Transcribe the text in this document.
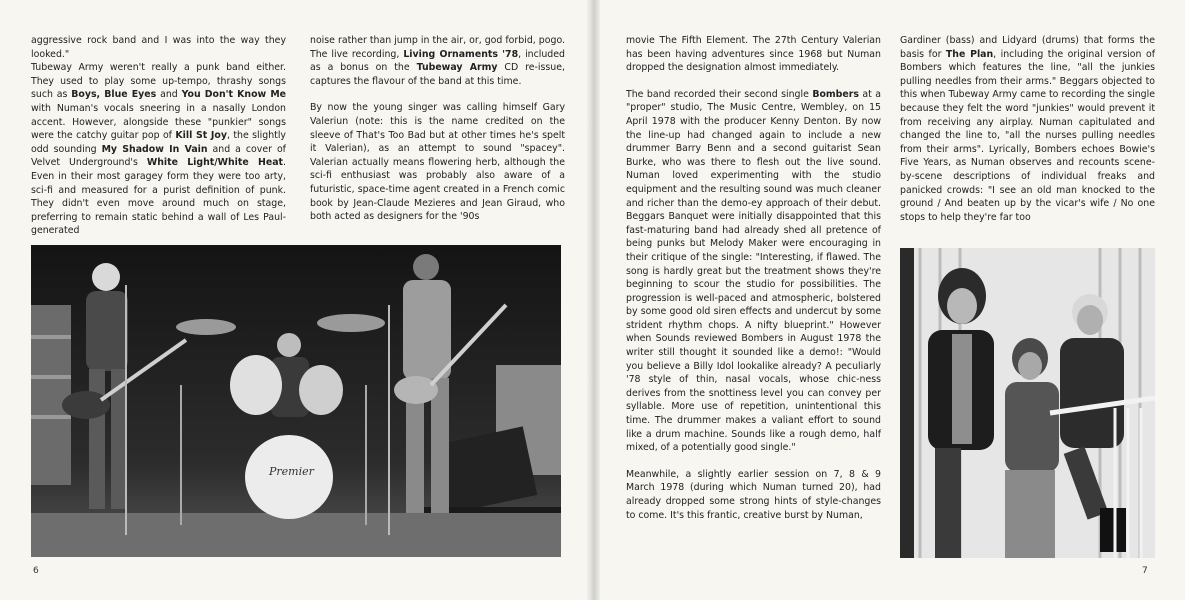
aggressive rock band and I was into the way they looked."

Tubeway Army weren't really a punk band either. They used to play some up-tempo, thrashy songs such as Boys, Blue Eyes and You Don't Know Me with Numan's vocals sneering in a nasally London accent. However, alongside these "punkier" songs were the catchy guitar pop of Kill St Joy, the slightly odd sounding My Shadow In Vain and a cover of Velvet Underground's White Light/White Heat. Even in their most garagey form they were too arty, sci-fi and measured for a purist definition of punk. They didn't even move around much on stage, preferring to remain static behind a wall of Les Paul-generated

noise rather than jump in the air, or, god forbid, pogo. The live recording, Living Ornaments '78, included as a bonus on the Tubeway Army CD re-issue, captures the flavour of the band at this time.

By now the young singer was calling himself Gary Valeriun (note: this is the name credited on the sleeve of That's Too Bad but at other times he's spelt it Valerian), as an attempt to sound "spacey". Valerian actually means flowering herb, although the sci-fi enthusiast was probably also aware of a futuristic, space-time agent created in a French comic book by Jean-Claude Mezieres and Jean Giraud, who both acted as designers for the '90s

Premier
6

movie The Fifth Element. The 27th Century Valerian has been having adventures since 1968 but Numan dropped the designation almost immediately.

The band recorded their second single Bombers at a "proper" studio, The Music Centre, Wembley, on 15 April 1978 with the producer Kenny Denton. By now the line-up had changed again to include a new drummer Barry Benn and a second guitarist Sean Burke, who was there to flesh out the live sound. Numan loved experimenting with the studio equipment and the resulting sound was much cleaner and richer than the demo-ey approach of their debut. Beggars Banquet were initially disappointed that this fast-maturing band had already shed all pretence of being punks but Melody Maker were encouraging in their critique of the single: "Interesting, if flawed. The song is hardly great but the treatment shows they're beginning to scour the studio for possibilities. The progression is well-paced and atmospheric, bolstered by some good old siren effects and undercut by some strident rhythm chops. A nifty blueprint." However when Sounds reviewed Bombers in August 1978 the writer still thought it sounded like a demo!: "Would you believe a Billy Idol lookalike already? A peculiarly '78 style of thin, nasal vocals, whose chic-ness derives from the snottiness level you can convey per syllable. More use of repetition, unintentional this time. The drummer makes a valiant effort to sound like a drum machine. Sounds like a rough demo, half mixed, of a potentially good single."

Meanwhile, a slightly earlier session on 7, 8 & 9 March 1978 (during which Numan turned 20), had already dropped some strong hints of style-changes to come. It's this frantic, creative burst by Numan,

Gardiner (bass) and Lidyard (drums) that forms the basis for The Plan, including the original version of Bombers which features the line, "all the junkies pulling needles from their arms." Beggars objected to this when Tubeway Army came to recording the single because they felt the word "junkies" would prevent it from receiving any airplay. Numan capitulated and changed the line to, "all the nurses pulling needles from their arms". Lyrically, Bombers echoes Bowie's Five Years, as Numan observes and recounts scene-by-scene descriptions of individual freaks and panicked crowds: "I see an old man knocked to the ground / And beaten up by the vicar's wife / No one stops to help they're far too

7
